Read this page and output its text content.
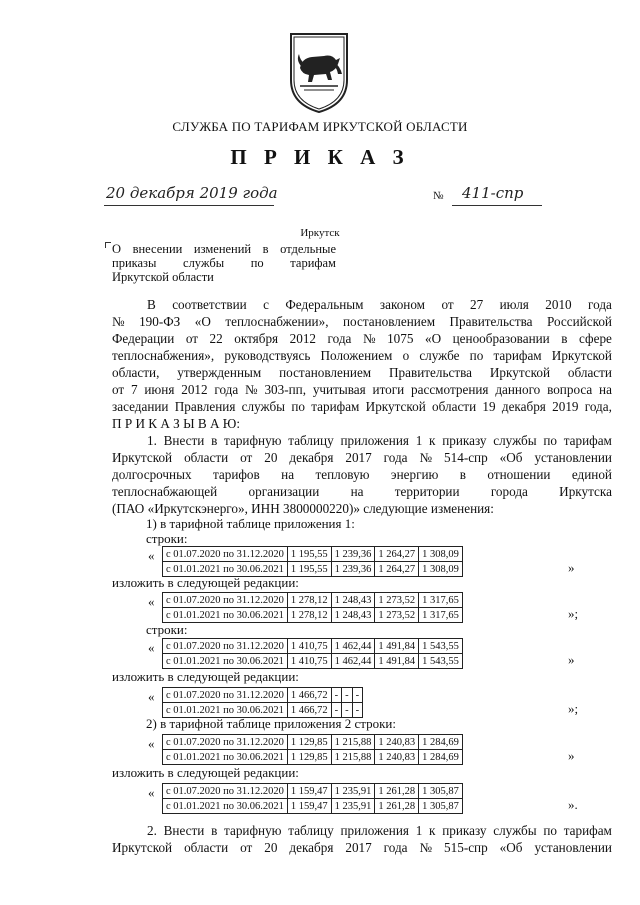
СЛУЖБА ПО ТАРИФАМ ИРКУТСКОЙ ОБЛАСТИ
П Р И К А З
20 декабря 2019 года	№ 411-спр
Иркутск
О внесении изменений в отдельные
приказы службы по тарифам
Иркутской области
В соответствии с Федеральным законом от 27 июля 2010 года
№ 190-ФЗ «О теплоснабжении», постановлением Правительства Российской
Федерации от 22 октября 2012 года № 1075 «О ценообразовании в сфере
теплоснабжения», руководствуясь Положением о службе по тарифам Иркутской
области, утвержденным постановлением Правительства Иркутской области
от 7 июня 2012 года № 303-пп, учитывая итоги рассмотрения данного вопроса на
заседании Правления службы по тарифам Иркутской области 19 декабря 2019 года,
П Р И К А З Ы В А Ю:
1. Внести в тарифную таблицу приложения 1 к приказу службы по тарифам
Иркутской области от 20 декабря 2017 года № 514-спр «Об установлении
долгосрочных тарифов на тепловую энергию в отношении единой
теплоснабжающей организации на территории города Иркутска
(ПАО «Иркутскэнерго», ИНН 3800000220)» следующие изменения:
1) в тарифной таблице приложения 1:
строки:
« с 01.07.2020 по 31.12.2020	1 195,55	1 239,36	1 264,27	1 308,09
с 01.01.2021 по 30.06.2021	1 195,55	1 239,36	1 264,27	1 308,09	»
изложить в следующей редакции:
« с 01.07.2020 по 31.12.2020	1 278,12	1 248,43	1 273,52	1 317,65
с 01.01.2021 по 30.06.2021	1 278,12	1 248,43	1 273,52	1 317,65	»;
строки:
« с 01.07.2020 по 31.12.2020	1 410,75	1 462,44	1 491,84	1 543,55
с 01.01.2021 по 30.06.2021	1 410,75	1 462,44	1 491,84	1 543,55	»
изложить в следующей редакции:
« с 01.07.2020 по 31.12.2020	1 466,72	-	-	-
с 01.01.2021 по 30.06.2021	1 466,72	-	-	-	»;
2) в тарифной таблице приложения 2 строки:
« с 01.07.2020 по 31.12.2020	1 129,85	1 215,88	1 240,83	1 284,69
с 01.01.2021 по 30.06.2021	1 129,85	1 215,88	1 240,83	1 284,69	»
изложить в следующей редакции:
« с 01.07.2020 по 31.12.2020	1 159,47	1 235,91	1 261,28	1 305,87
с 01.01.2021 по 30.06.2021	1 159,47	1 235,91	1 261,28	1 305,87	».
2. Внести в тарифную таблицу приложения 1 к приказу службы по тарифам
Иркутской области от 20 декабря 2017 года № 515-спр «Об установлении
